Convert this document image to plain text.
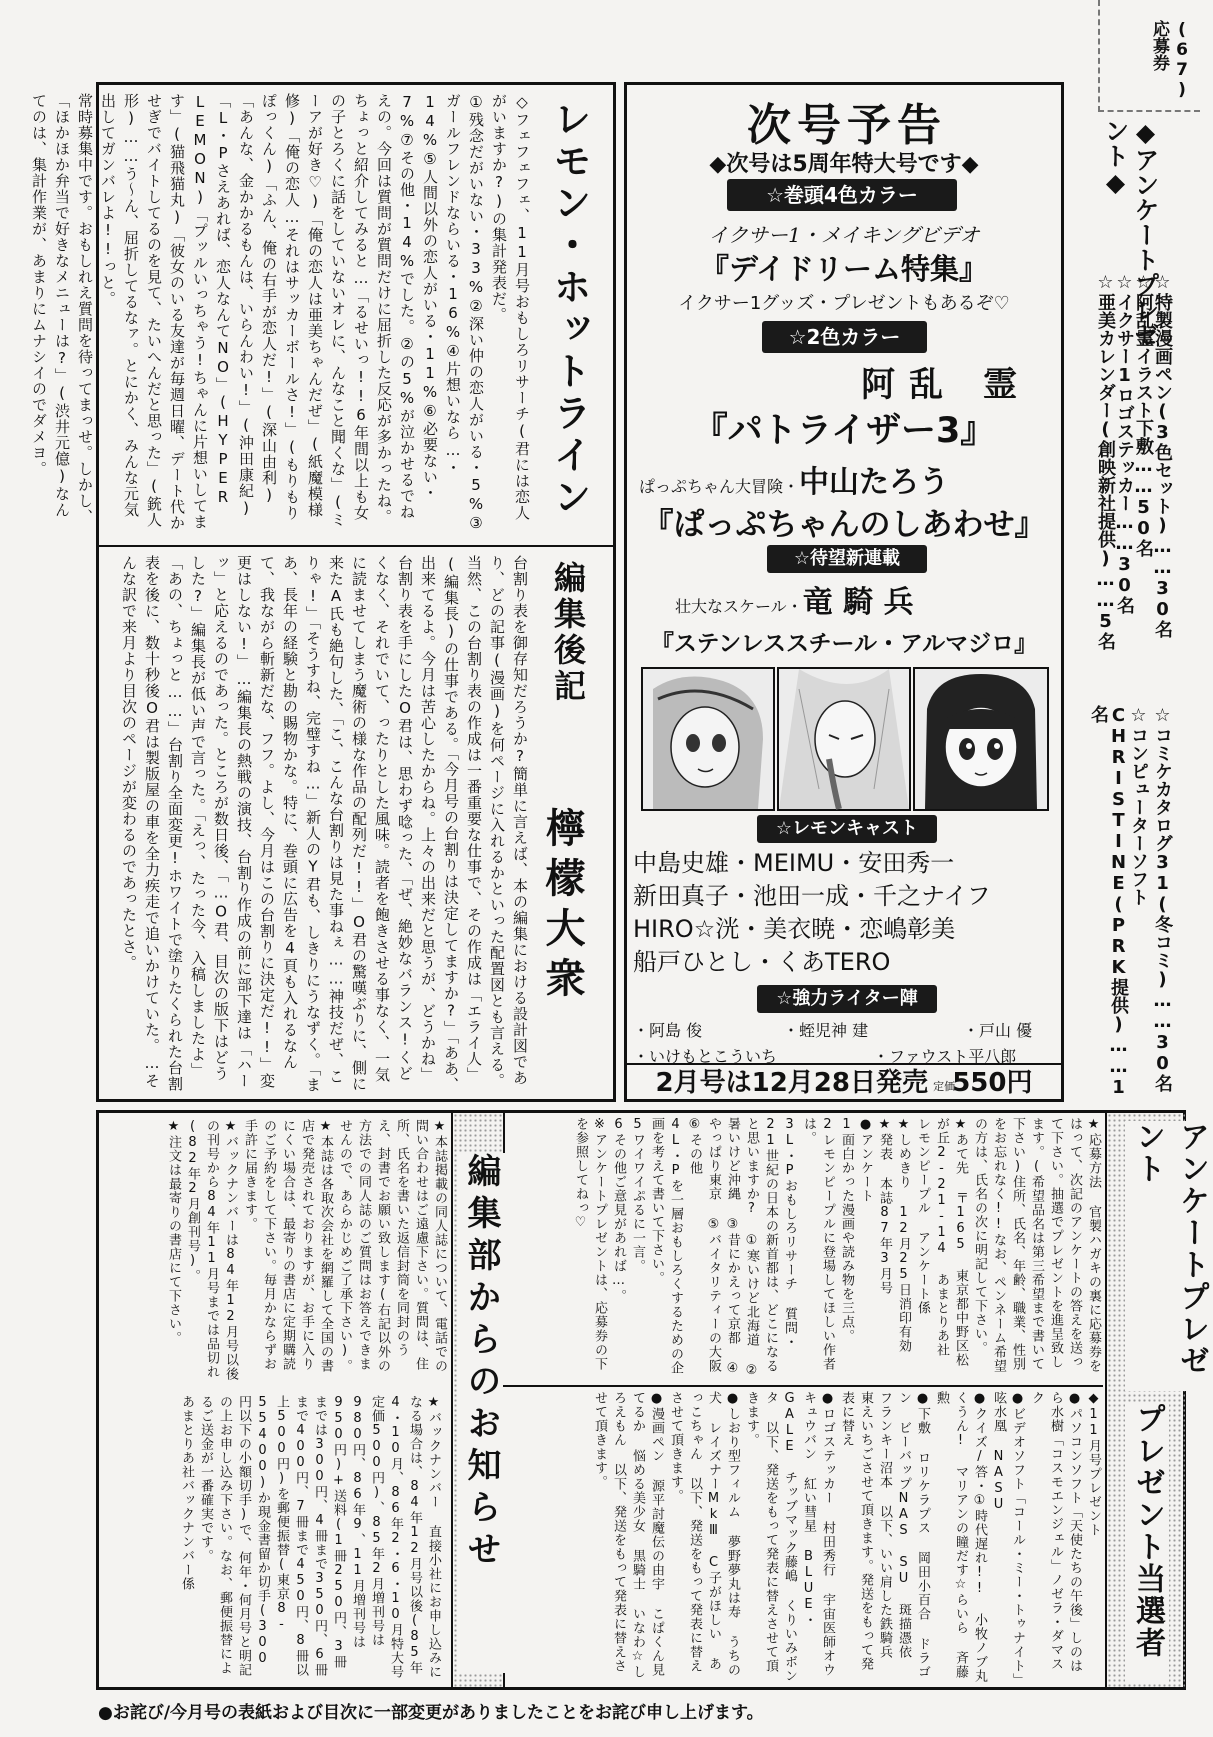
(67)応募券
◆アンケートプレゼント◆
☆特製漫画ペン(3色セット)……30名
☆阿乱霊イラスト下敷……50名
☆イクサー1ロゴステッカー……30名
☆亜美カレンダー(創映新社提供)……5名
☆コミケカタログ31(冬コミ)……30名
☆コンピューターソフト CHRISTINE(PRK提供)……1名
次号予告
◆次号は5周年特大号です◆
☆巻頭4色カラー
イクサー1・メイキングビデオ
『デイドリーム特集』
イクサー1グッズ・プレゼントもあるぞ♡
☆2色カラー
阿乱 霊
『パトライザー3』
ぱっぷちゃん大冒険・中山たろう
『ぱっぷちゃんのしあわせ』
☆待望新連載
壮大なスケール・竜 騎 兵
『ステンレススチール・アルマジロ』
☆レモンキャスト
中島史雄・MEIMU・安田秀一
新田真子・池田一成・千之ナイフ
HIRO☆洸・美衣暁・恋嶋彰美
船戸ひとし・くあTERO
☆強力ライター陣
・阿島 俊	・蛭児神 建	・戸山 優
・いけもとこういち	・ファウスト平八郎
2月号は12月28日発売 定価 550円
レモン・ホットライン
◇フェフェフェ、11月号おもしろリサーチ(君には恋人がいますか?)の集計発表だ。
①残念だがいない・33%②深い仲の恋人がいる・5%③ガールフレンドならいる・16%④片想いなら…・14%⑤人間以外の恋人がいる・11%⑥必要ない・7%⑦その他・14%でした。②の5%が泣かせるでねえの。今回は質問が質問だけに屈折した反応が多かったね。ちょっと紹介してみると…「るせいっ!!6年間以上も女の子とろくに話をしていないオレに、んなこと聞くな」(ミーアが好き♡)「俺の恋人は亜美ちゃんだぜ」(紙魔模様修)「俺の恋人…それはサッカーボールさ!」(もりもりぽっくん)「ふん、俺の右手が恋人だ!」(深山由利)「あんな、金かかるもんは、いらんわい!」(沖田康紀)「L・Pさえあれば、恋人なんてNO」(HYPER LEMON)「プッルいっちゃう!ちゃんに片想いしてます」(猫飛猫丸)「彼女のいる友達が毎週日曜、デート代かせぎでバイトしてるのを見て、たいへんだと思った」(銃人形)……う〜ん、屈折してるなァ。とにかく、みんな元気出してガンバレよ!!っと。
常時募集中です。おもしれえ質問を待ってまっせ。しかし、「ほかほか弁当で好きなメニューは?」(渋井元億)なんてのは、集計作業が、あまりにムナシイのでダメヨ。
編集後記
檸檬大衆
台割り表を御存知だろうか?簡単に言えば、本の編集における設計図であり、どの記事(漫画)を何ページに入れるかといった配置図とも言える。当然、この台割り表の作成は一番重要な仕事で、その作成は「エライ人」(編集長)の仕事である。「今月号の台割りは決定してますか?」「ああ、出来てるよ。今月は苦心したからね。上々の出来だと思うが、どうかね」台割り表を手にしたO君は、思わず唸った、「ぜ、絶妙なバランス!くどくなく、それでいて、ったりとした風味。読者を飽きさせる事なく、一気に読ませてしまう魔術の様な作品の配列だ!!」O君の驚嘆ぶりに、側に来たA氏も絶句した、「こ、こんな台割りは見た事ねぇ……神技だぜ、こりゃ!」「そうすね、完璧すね…」新人のY君も、しきりにうなずく。「まあ、長年の経験と勘の賜物かな。特に、巻頭に広告を4頁も入れるなんて、我ながら斬新だな、フフ。よし、今月はこの台割りに決定だ!!」変更はしない!」…編集長の熱戦の演技、台割り作成の前に部下達は「ハーッ」と応えるのであった。ところが数日後、「…O君、目次の版下はどうした?」編集長が低い声で言った。「えっ、たった今、入稿しましたよ」「あの、ちょっと……」台割り全面変更!ホワイトで塗りたくられた台割表を後に、数十秒後O君は製版屋の車を全力疾走で追いかけていた。…そんな訳で来月より目次のページが変わるのであったとさ。
★本誌掲載の同人誌について、電話での問い合わせはご遠慮下さい。質問は、住所、氏名を書いた返信封筒を同封のうえ、封書でお願い致します(右記以外の方法での同人誌のご質問はお答えできませんので、あらかじめご了承下さい)。
★本誌は各取次会社を網羅して全国の書店で発売されておりますが、お手に入りにくい場合は、最寄りの書店に定期購読のご予約をして下さい。毎月かならずお手許に届きます。
★バックナンバーは84年12月号以後の刊号から84年11月号までは品切れ(82年2月創刊号)。
★注文は最寄りの書店にて下さい。	編集部からのお知らせ	★応募方法 官製ハガキの裏に応募券をはって、次記のアンケートの答えを送って下さい。抽選でプレゼントを進呈致します。(希望品名は第三希望まで書いて下さい)住所、氏名、年齢、職業、性別をお忘れなく!!なお、ペンネーム希望の方は、氏名の次に明記して下さい。
★あて先 〒165 東京都中野区松が丘2-21-14 あまとりあ社 レモンピープル アンケート係
★しめきり 12月25日消印有効
★発表 本誌87年3月号
●アンケート
1面白かった漫画や読み物を三点。
2レモンピープルに登場してほしい作者は。
3L・Pおもしろリサーチ 質問・21世紀の日本の新首都は、どこになると思いますか? ①寒いけど北海道 ②暑いけど沖縄 ③昔にかえって京都 ④やっぱり東京 ⑤バイタリティーの大阪 ⑥その他
4L・Pを一層おもしろくするための企画を考えて書いて下さい。
5ワイワイぷるに一言。
6その他ご意見があれば…。
※アンケートプレゼントは、応募券の下を参照してねっ♡
◆11月号プレゼント
●パソコンソフト「天使たちの午後」しのはら水樹「コスモエンジェル」ノゼラ・ダマスク
●ビデオソフト「コール・ミー・トゥナイト」呟水凰 NASU
●クイズ/答・①時代遅れ!! 小牧ノブ丸くうん! マリアンの瞳だす☆らいら 斉藤勲
●下敷 ロリケラプス 岡田小百合 ドラゴン ビーバップNAS SU 斑描憑依 フランキー沼本 以下、いい肩した鉄騎兵 東えいちごさせて頂きます。発送をもって発表に替え
●ロゴステッカー 村田秀行 宇宙医師オウキュウバン 紅い彗星 BLUE・GALE チッブマック藤嶋 くりいみボンタ 以下、発送をもって発表に替えさせて頂きます。
●しおり型フィルム 夢野夢丸は寿 うちの犬 レイズナーMkⅢ C子がほしい あっこちゃん 以下、発送をもって発表に替えさせて頂きます。
●漫画ペン 源平討魔伝の由宇 こぱくん見てるか 悩める美少女 黒騎士 いなわ☆しろえもん 以下、発送をもって発表に替えさせて頂きます。
アンケートプレゼント
プレゼント当選者
★バックナンバー 直接小社にお申し込みになる場合は、84年12月号以後(85年4・10月、86年2・6・10月特大号 定価500円)、85年2月増刊号は980円、86年9、11月増刊号は950円)+送料(1冊250円、3冊までは300円、4冊まで350円、6冊まで400円、7冊まで450円、8冊以上500円)を郵便振替(東京8-55400)か現金書留か切手(300円以下の小額切手)で、何年・何月号と明記の上お申し込み下さい。なお、郵便振替によるご送金が一番確実です。
あまとりあ社バックナンバー係
●お詫び/今月号の表紙および目次に一部変更がありましたことをお詫び申し上げます。
